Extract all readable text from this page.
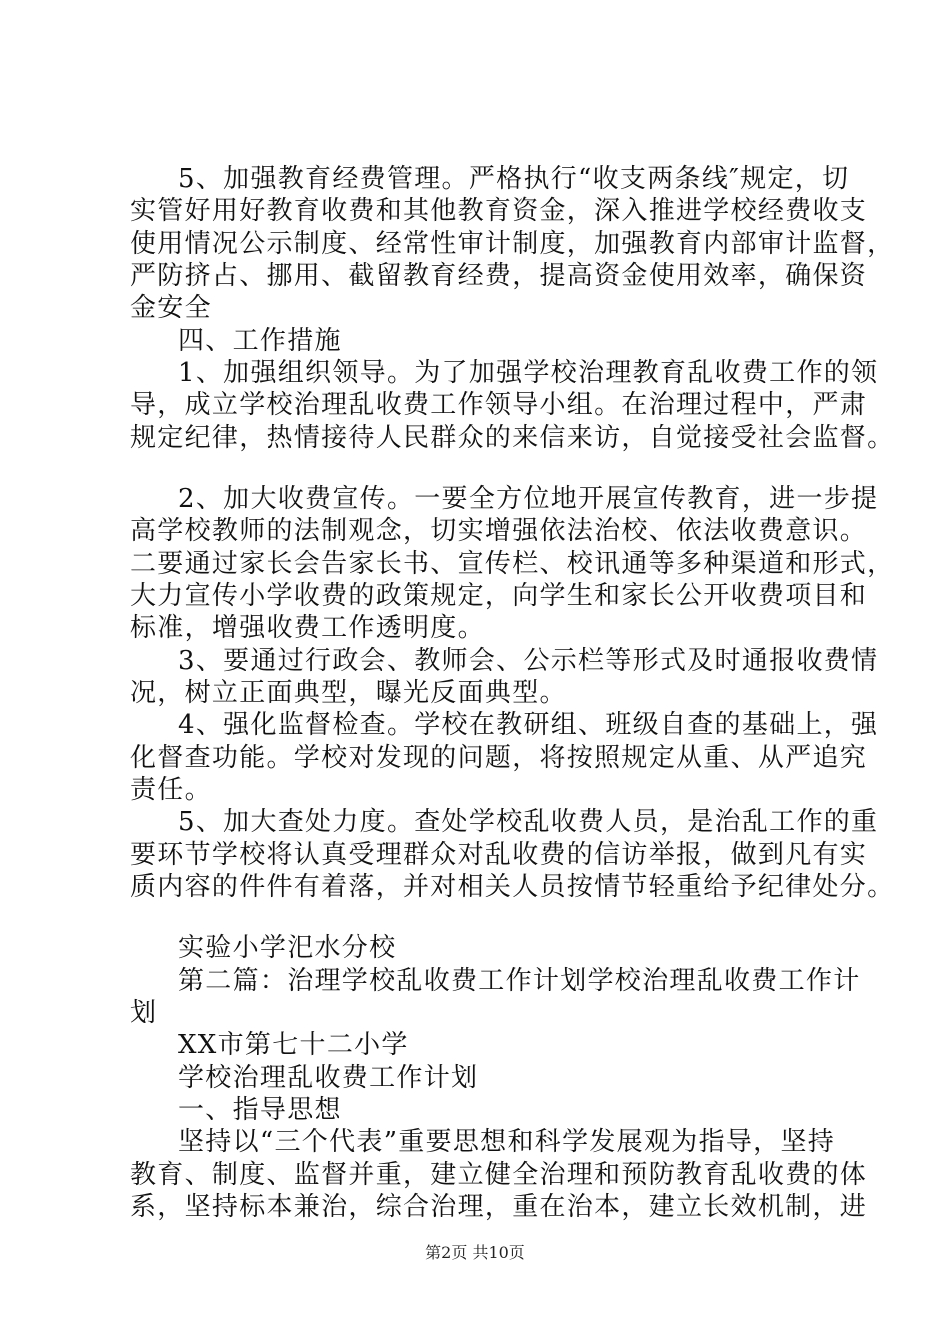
5、加强教育经费管理。严格执行“收支两条线″规定，切
实管好用好教育收费和其他教育资金，深入推进学校经费收支
使用情况公示制度、经常性审计制度，加强教育内部审计监督，
严防挤占、挪用、截留教育经费，提高资金使用效率，确保资
金安全
四、工作措施
1、加强组织领导。为了加强学校治理教育乱收费工作的领
导，成立学校治理乱收费工作领导小组。在治理过程中，严肃
规定纪律，热情接待人民群众的来信来访，自觉接受社会监督。
2、加大收费宣传。一要全方位地开展宣传教育，进一步提
高学校教师的法制观念，切实增强依法治校、依法收费意识。
二要通过家长会告家长书、宣传栏、校讯通等多种渠道和形式，
大力宣传小学收费的政策规定，向学生和家长公开收费项目和
标准，增强收费工作透明度。
3、要通过行政会、教师会、公示栏等形式及时通报收费情
况，树立正面典型，曝光反面典型。
4、强化监督检查。学校在教研组、班级自查的基础上，强
化督查功能。学校对发现的问题，将按照规定从重、从严追究
责任。
5、加大查处力度。查处学校乱收费人员，是治乱工作的重
要环节学校将认真受理群众对乱收费的信访举报，做到凡有实
质内容的件件有着落，并对相关人员按情节轻重给予纪律处分。
实验小学汜水分校
第二篇：治理学校乱收费工作计划学校治理乱收费工作计
划
XX市第七十二小学
学校治理乱收费工作计划
一、指导思想
坚持以“三个代表”重要思想和科学发展观为指导，坚持
教育、制度、监督并重，建立健全治理和预防教育乱收费的体
系，坚持标本兼治，综合治理，重在治本，建立长效机制，进
第2页 共10页
